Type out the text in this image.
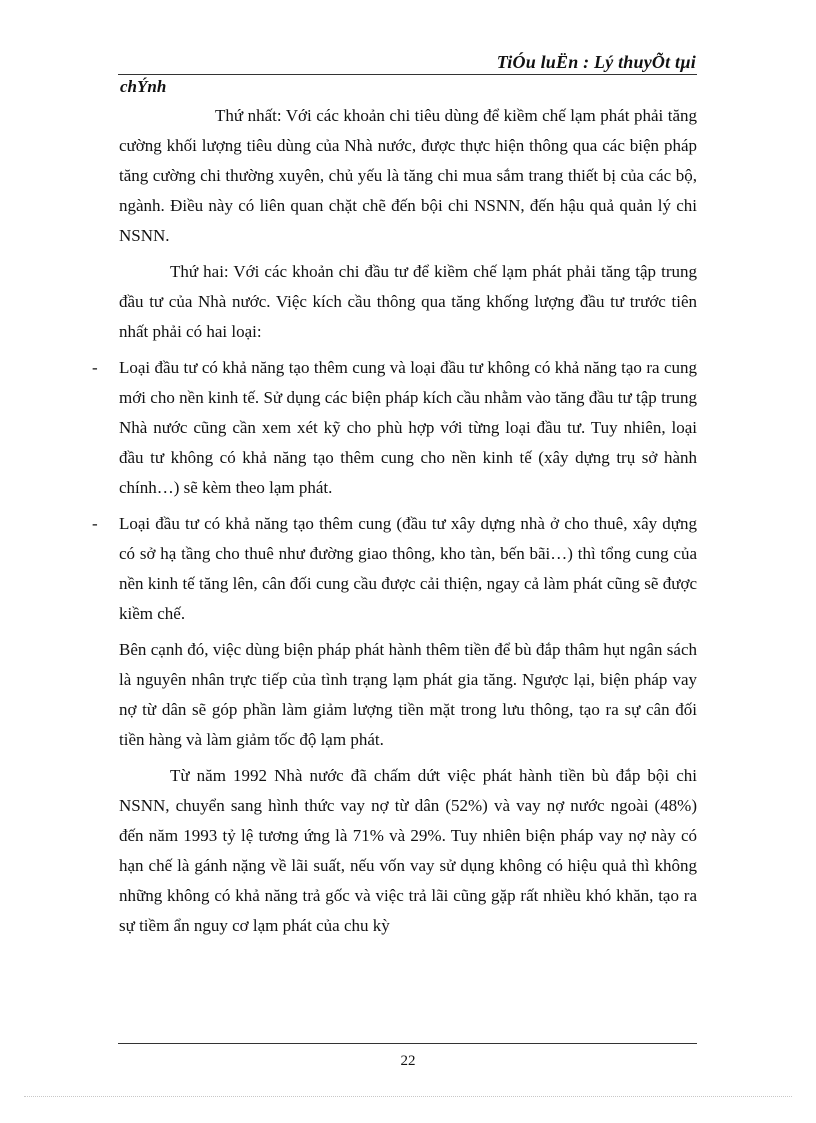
TiÓu luËn : Lý thuyÕt tµi
chÝnh

Thứ nhất: Với các khoản chi tiêu dùng để kiềm chế lạm phát phải tăng cường khối lượng tiêu dùng của Nhà nước, được thực hiện thông qua các biện pháp tăng cường chi thường xuyên, chủ yếu là tăng chi mua sắm trang thiết bị của các bộ, ngành. Điều này có liên quan chặt chẽ đến bội chi NSNN, đến hậu quả quản lý chi NSNN.

Thứ hai: Với các khoản chi đầu tư để kiềm chế lạm phát phải tăng tập trung đầu tư của Nhà nước. Việc kích cầu thông qua tăng khống lượng đầu tư trước tiên nhất phải có hai loại:

- Loại đầu tư có khả năng tạo thêm cung và loại đầu tư không có khả năng tạo ra cung mới cho nền kinh tế. Sử dụng các biện pháp kích cầu nhằm vào tăng đầu tư tập trung Nhà nước cũng cần xem xét kỹ cho phù hợp với từng loại đầu tư. Tuy nhiên, loại đầu tư không có khả năng tạo thêm cung cho nền kinh tế (xây dựng trụ sở hành chính…) sẽ kèm theo lạm phát.
- Loại đầu tư có khả năng tạo thêm cung (đầu tư xây dựng nhà ở cho thuê, xây dựng có sở hạ tầng cho thuê như đường giao thông, kho tàn, bến bãi…) thì tổng cung của nền kinh tế tăng lên, cân đối cung cầu được cải thiện, ngay cả làm phát cũng sẽ được kiềm chế.

Bên cạnh đó, việc dùng biện pháp phát hành thêm tiền để bù đắp thâm hụt ngân sách là nguyên nhân trực tiếp của tình trạng lạm phát gia tăng. Ngược lại, biện pháp vay nợ từ dân sẽ góp phần làm giảm lượng tiền mặt trong lưu thông, tạo ra sự cân đối tiền hàng và làm giảm tốc độ lạm phát.

Từ năm 1992 Nhà nước đã chấm dứt việc phát hành tiền bù đắp bội chi NSNN, chuyển sang hình thức vay nợ từ dân (52%) và vay nợ nước ngoài (48%) đến năm 1993 tỷ lệ tương ứng là 71% và 29%. Tuy nhiên biện pháp vay nợ này có hạn chế là gánh nặng về lãi suất, nếu vốn vay sử dụng không có hiệu quả thì không những không có khả năng trả gốc và việc trả lãi cũng gặp rất nhiều khó khăn, tạo ra sự tiềm ẩn nguy cơ lạm phát của chu kỳ

22
